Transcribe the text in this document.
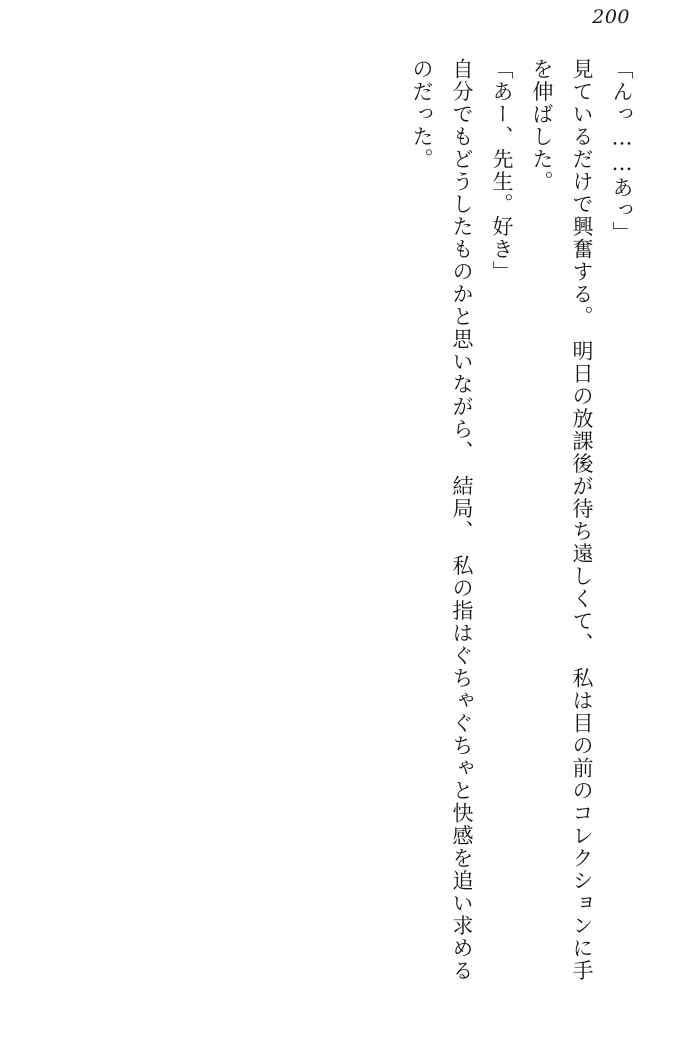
200

「んっ……あっ」

見ているだけで興奮する。　明日の放課後が待ち遠しくて、　私は目の前のコレクションに手を伸ばした。

「あー、先生。好き」

自分でもどうしたものかと思いながら、　結局、　私の指はぐちゃぐちゃと快感を追い求めるのだった。
